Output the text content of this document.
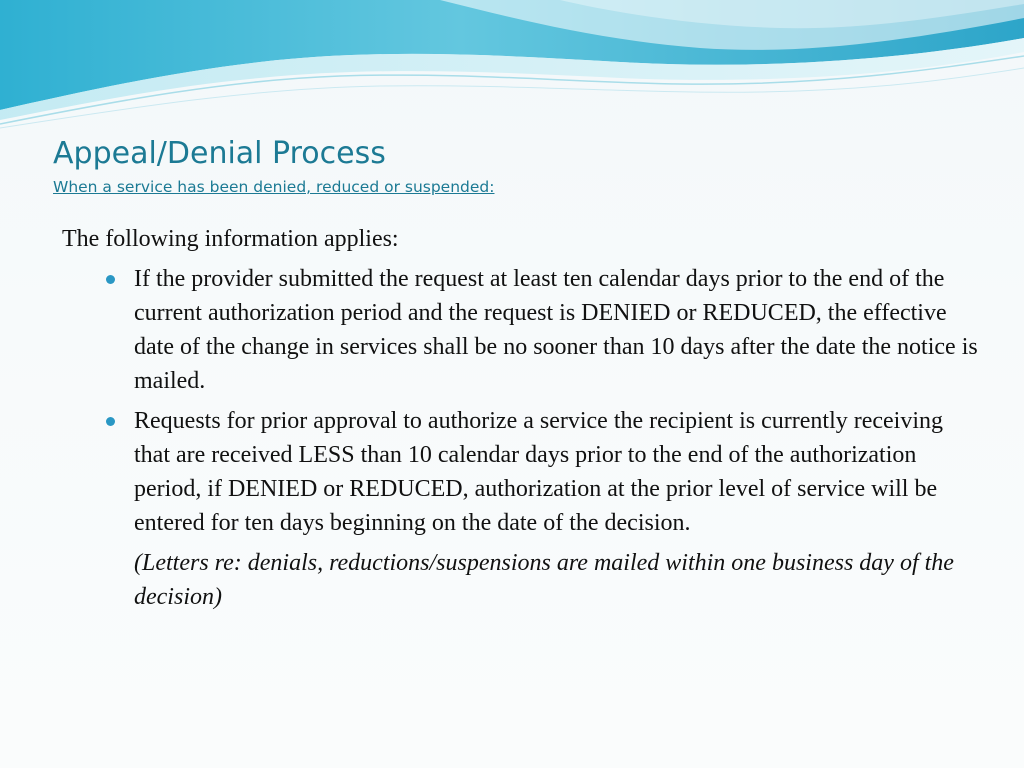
Appeal/Denial Process
When a service has been denied, reduced or suspended:
The following information applies:
If the provider submitted the request at least ten calendar days prior to the end of the current authorization period and the request is DENIED or REDUCED, the effective date of the change in services shall be no sooner than 10 days after the date the notice is mailed.
Requests for prior approval to authorize a service the recipient is currently receiving that are received LESS than 10 calendar days prior to the end of the authorization period, if DENIED or REDUCED, authorization at the prior level of service will be entered for ten days beginning on the date of the decision.
(Letters re: denials, reductions/suspensions are mailed within one business day of the decision)
